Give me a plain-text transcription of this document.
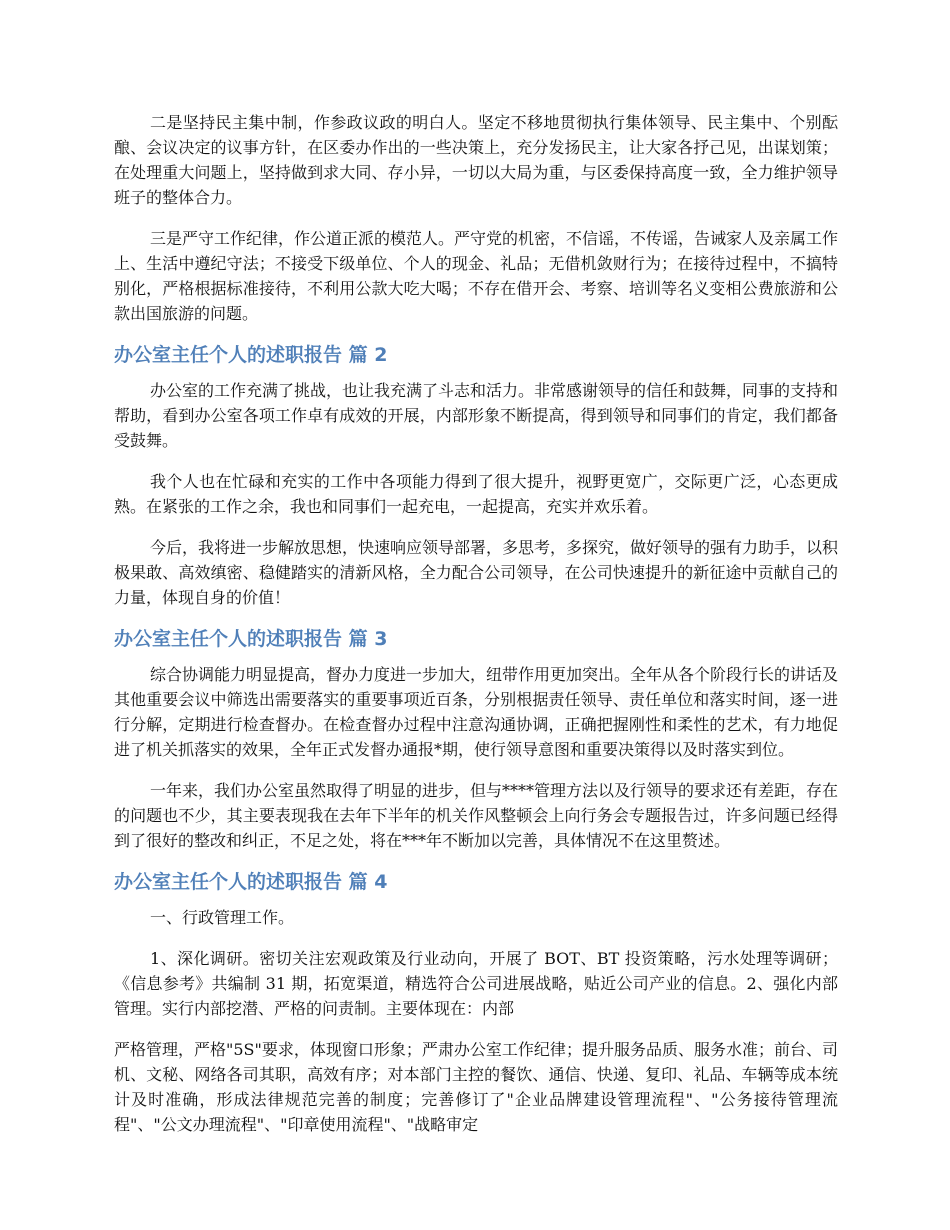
二是坚持民主集中制，作参政议政的明白人。坚定不移地贯彻执行集体领导、民主集中、个别酝酿、会议决定的议事方针，在区委办作出的一些决策上，充分发扬民主，让大家各抒己见，出谋划策；在处理重大问题上，坚持做到求大同、存小异，一切以大局为重，与区委保持高度一致，全力维护领导班子的整体合力。

三是严守工作纪律，作公道正派的模范人。严守党的机密，不信谣，不传谣，告诫家人及亲属工作上、生活中遵纪守法；不接受下级单位、个人的现金、礼品；无借机敛财行为；在接待过程中，不搞特别化，严格根据标准接待，不利用公款大吃大喝；不存在借开会、考察、培训等名义变相公费旅游和公款出国旅游的问题。

办公室主任个人的述职报告 篇 2

办公室的工作充满了挑战，也让我充满了斗志和活力。非常感谢领导的信任和鼓舞，同事的支持和帮助，看到办公室各项工作卓有成效的开展，内部形象不断提高，得到领导和同事们的肯定，我们都备受鼓舞。

我个人也在忙碌和充实的工作中各项能力得到了很大提升，视野更宽广，交际更广泛，心态更成熟。在紧张的工作之余，我也和同事们一起充电，一起提高，充实并欢乐着。

今后，我将进一步解放思想，快速响应领导部署，多思考，多探究，做好领导的强有力助手，以积极果敢、高效缜密、稳健踏实的清新风格，全力配合公司领导，在公司快速提升的新征途中贡献自己的力量，体现自身的价值！

办公室主任个人的述职报告 篇 3

综合协调能力明显提高，督办力度进一步加大，纽带作用更加突出。全年从各个阶段行长的讲话及其他重要会议中筛选出需要落实的重要事项近百条，分别根据责任领导、责任单位和落实时间，逐一进行分解，定期进行检查督办。在检查督办过程中注意沟通协调，正确把握刚性和柔性的艺术，有力地促进了机关抓落实的效果，全年正式发督办通报*期，使行领导意图和重要决策得以及时落实到位。

一年来，我们办公室虽然取得了明显的进步，但与****管理方法以及行领导的要求还有差距，存在的问题也不少，其主要表现我在去年下半年的机关作风整顿会上向行务会专题报告过，许多问题已经得到了很好的整改和纠正，不足之处，将在***年不断加以完善，具体情况不在这里赘述。

办公室主任个人的述职报告 篇 4

一、行政管理工作。

1、深化调研。密切关注宏观政策及行业动向，开展了 BOT、BT 投资策略，污水处理等调研；《信息参考》共编制 31 期，拓宽渠道，精选符合公司进展战略，贴近公司产业的信息。2、强化内部管理。实行内部挖潜、严格的问责制。主要体现在：内部

严格管理，严格"5S"要求，体现窗口形象；严肃办公室工作纪律；提升服务品质、服务水准；前台、司机、文秘、网络各司其职，高效有序；对本部门主控的餐饮、通信、快递、复印、礼品、车辆等成本统计及时准确，形成法律规范完善的制度；完善修订了"企业品牌建设管理流程"、"公务接待管理流程"、"公文办理流程"、"印章使用流程"、"战略审定
